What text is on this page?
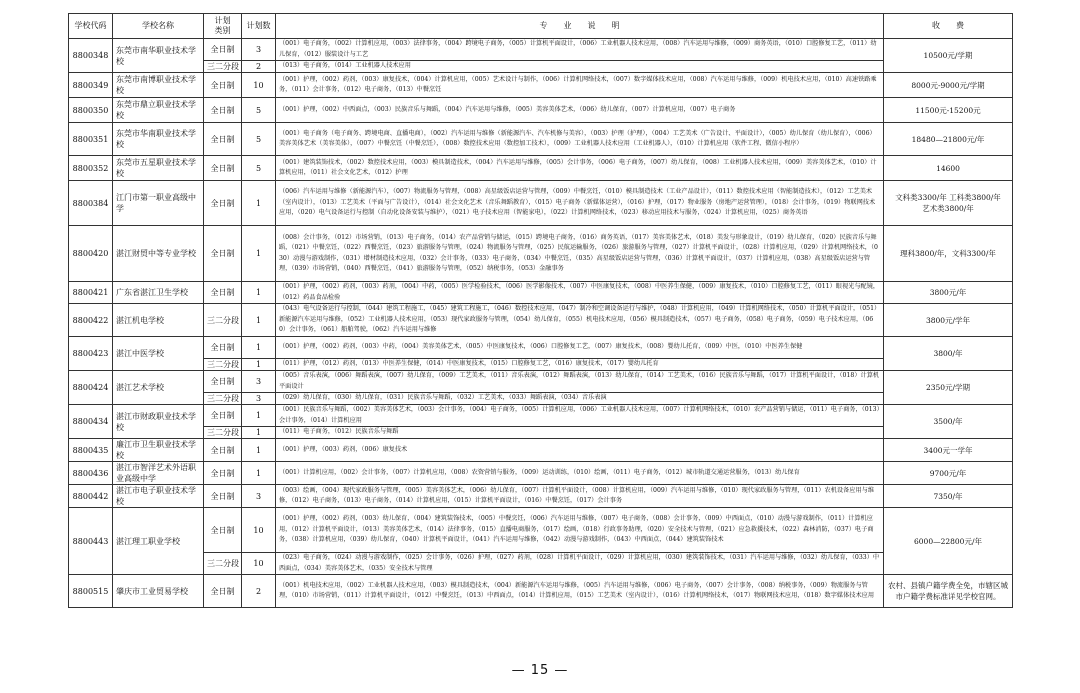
学校代码	学校名称	计划
类别	计划数	专　　业　　说　　明	收　　费
8800348	东莞市南华职业技术学校	全日制	3	（001）电子商务，（002）计算机应用，（003）法律事务，（004）跨境电子商务，（005）计算机平面设计，（006）工业机器人技术应用，（008）汽车运用与维修，（009）商务英语，（010）口腔修复工艺，（011）幼儿保育，（012）服装设计与工艺	10500元/学期
		三二分段	2	（013）电子商务，（014）工业机器人技术应用	
8800349	东莞市南博职业技术学校	全日制	10	（001）护理，（002）药剂，（003）康复技术，（004）计算机应用，（005）艺术设计与制作，（006）计算机网络技术，（007）数字媒体技术应用，（008）汽车运用与维修，（009）机电技术应用，（010）高速铁路乘务，（011）会计事务，（012）电子商务，（013）中餐烹饪	8000元-9000元/学期
8800350	东莞市鼎立职业技术学校	全日制	5	（001）护理，（002）中西面点，（003）民族音乐与舞蹈，（004）汽车运用与维修，（005）美容美体艺术，（006）幼儿保育，（007）计算机应用，（007）电子商务	11500元-15200元
8800351	东莞市华南职业技术学校	全日制	5	（001）电子商务（电子商务、跨境电商、直播电商），（002）汽车运用与维修（新能源汽车、汽车机修与美容），（003）护理（护理），（004）工艺美术（广告设计、平面设计），（005）幼儿保育（幼儿保育），（006）美容美体艺术（美容美体），（007）中餐烹饪（中餐烹饪），（008）数控技术应用（数控加工技术），（009）工业机器人技术应用（工业机器人），（010）计算机应用（软件工程、微信小程序）	18480—21800元/年
8800352	东莞市五星职业技术学校	全日制	5	（001）建筑装饰技术，（002）数控技术应用，（003）模具制造技术，（004）汽车运用与维修，（005）会计事务，（006）电子商务，（007）幼儿保育，（008）工业机器人技术应用，（009）美容美体艺术，（010）计算机应用，（011）社会文化艺术，（012）护理	14600
8800384	江门市第一职业高级中学	全日制	1	（006）汽车运用与维修（新能源汽车），（007）物流服务与管理，（008）高星级饭店运营与管理，（009）中餐烹饪，（010）模具制造技术（工业产品设计），（011）数控技术应用（智能制造技术），（012）工艺美术（室内设计），（013）工艺美术（平面与广告设计），（014）社会文化艺术（音乐舞蹈教育），（015）电子商务（新媒体运营），（016）护理，（017）物业服务（房地产运营管理），（018）会计事务，（019）物联网技术应用，（020）电气设备运行与控制（自动化设备安装与维护），（021）电子技术应用（智能家电），（022）计算机网络技术，（023）移动应用技术与服务，（024）计算机应用，（025）商务英语	文科类3300/年 工科类3800/年
艺术类3800/年
8800420	湛江财贸中等专业学校	全日制	1	（008）会计事务，（012）市场营销，（013）电子商务，（014）农产品营销与储运，（015）跨境电子商务，（016）商务英语，（017）美容美体艺术，（018）美发与形象设计，（019）幼儿保育，（020）民族音乐与舞蹈，（021）中餐烹饪，（022）西餐烹饪，（023）旅游服务与管理，（024）物流服务与管理，（025）民航运输服务，（026）旅游服务与管理，（027）计算机平面设计，（028）计算机应用，（029）计算机网络技术，（030）动漫与游戏制作，（031）增材制造技术应用，（032）会计事务，（033）电子商务，（034）中餐烹饪，（035）高星级饭店运营与管理，（036）计算机平面设计，（037）计算机应用，（038）高星级饭店运营与管理，（039）市场营销，（040）西餐烹饪，（041）旅游服务与管理，（052）纳税事务，（053）金融事务	理科3800/年，文科3300/年
8800421	广东省湛江卫生学校	全日制	1	（001）护理，（002）药剂，（003）药剂，（004）中药，（005）医学检验技术，（006）医学影像技术，（007）中医康复技术，（008）中医养生保健，（009）康复技术，（010）口腔修复工艺，（011）眼视光与配镜，（012）药品食品检验	3800元/年
8800422	湛江机电学校	三二分段	1	（043）电气设备运行与控制，（044）建筑工程施工，（045）建筑工程施工，（046）数控技术应用，（047）制冷和空调设备运行与维护，（048）计算机应用，（049）计算机网络技术，（050）计算机平面设计，（051）新能源汽车运用与维修，（052）工业机器人技术应用，（053）现代家政服务与管理，（054）幼儿保育，（055）机电技术应用，（056）模具制造技术，（057）电子商务，（058）电子商务，（059）电子技术应用，（060）会计事务，（061）船舶驾驶，（062）汽车运用与维修	3800元/学年
8800423	湛江中医学校	全日制	1	（001）护理，（002）药剂，（003）中药，（004）美容美体艺术，（005）中医康复技术，（006）口腔修复工艺，（007）康复技术，（008）婴幼儿托育，（009）中医，（010）中医养生保健	3800/年
		三二分段	1	（011）护理，（012）药剂，（013）中医养生保健，（014）中医康复技术，（015）口腔修复工艺，（016）康复技术，（017）婴幼儿托育	
8800424	湛江艺术学校	全日制	3	（005）音乐表演，（006）舞蹈表演，（007）幼儿保育，（009）工艺美术，（011）音乐表演，（012）舞蹈表演，（013）幼儿保育，（014）工艺美术，（016）民族音乐与舞蹈，（017）计算机平面设计，（018）计算机平面设计	2350元/学期
		三二分段	3	（029）幼儿保育，（030）幼儿保育，（031）民族音乐与舞蹈，（032）工艺美术，（033）舞蹈表演，（034）音乐表演	
8800434	湛江市财政职业技术学校	全日制	1	（001）民族音乐与舞蹈，（002）美容美体艺术，（003）会计事务，（004）电子商务，（005）计算机应用，（006）工业机器人技术应用，（007）计算机网络技术，（010）农产品营销与储运，（011）电子商务，（013）会计事务，（014）计算机应用	3500/年
		三二分段	1	（011）电子商务，（012）民族音乐与舞蹈	
8800435	廉江市卫生职业技术学校	全日制	1	（001）护理，（003）药剂，（006）康复技术	3400元一学年
8800436	湛江市智洋艺术外语职业高级中学	全日制	1	（001）计算机应用，（002）会计事务，（007）计算机应用，（008）农资营销与服务，（009）运动训练，（010）绘画，（011）电子商务，（012）城市轨道交通运营服务，（013）幼儿保育	9700元/年
8800442	湛江市电子职业技术学校	全日制	3	（003）绘画，（004）现代家政服务与管理，（005）美容美体艺术，（006）幼儿保育，（007）计算机平面设计，（008）计算机应用，（009）汽车运用与维修，（010）现代家政服务与管理，（011）农机设备应用与维修，（012）电子商务，（013）电子商务，（014）计算机应用，（015）计算机平面设计，（016）中餐烹饪，（017）会计事务	7350/年
8800443	湛江理工职业学校	全日制	10	（001）护理，（002）药剂，（003）幼儿保育，（004）建筑装饰技术，（005）中餐烹饪，（006）汽车运用与维修，（007）电子商务，（008）会计事务，（009）中西面点，（010）动漫与游戏制作，（011）计算机应用，（012）计算机平面设计，（013）美容美体艺术，（014）法律事务，（015）直播电商服务，（017）绘画，（018）行政事务助理，（020）安全技术与管理，（021）应急救援技术，（022）森林消防，（037）电子商务，（038）计算机应用，（039）幼儿保育，（040）计算机平面设计，（041）汽车运用与维修，（042）动漫与游戏制作，（043）中西面点，（044）建筑装饰技术	6000—22800元/年
		三二分段	10	（023）电子商务，（024）动漫与游戏制作，（025）会计事务，（026）护理，（027）药剂，（028）计算机平面设计，（029）计算机应用，（030）建筑装饰技术，（031）汽车运用与维修，（032）幼儿保育，（033）中西面点，（034）美容美体艺术，（035）安全技术与管理	
8800515	肇庆市工业贸易学校	全日制	2	（001）机电技术应用，（002）工业机器人技术应用，（003）模具制造技术，（004）新能源汽车运用与维修，（005）汽车运用与维修，（006）电子商务，（007）会计事务，（008）纳税事务，（009）物流服务与管理，（010）市场营销，（011）计算机平面设计，（012）中餐烹饪，（013）中西面点，（014）计算机应用，（015）工艺美术（室内设计），（016）计算机网络技术，（017）物联网技术应用，（018）数字媒体技术应用	农村、县镇户籍学费全免，市辖区城市户籍学费标准详见学校官网。
— 15 —
